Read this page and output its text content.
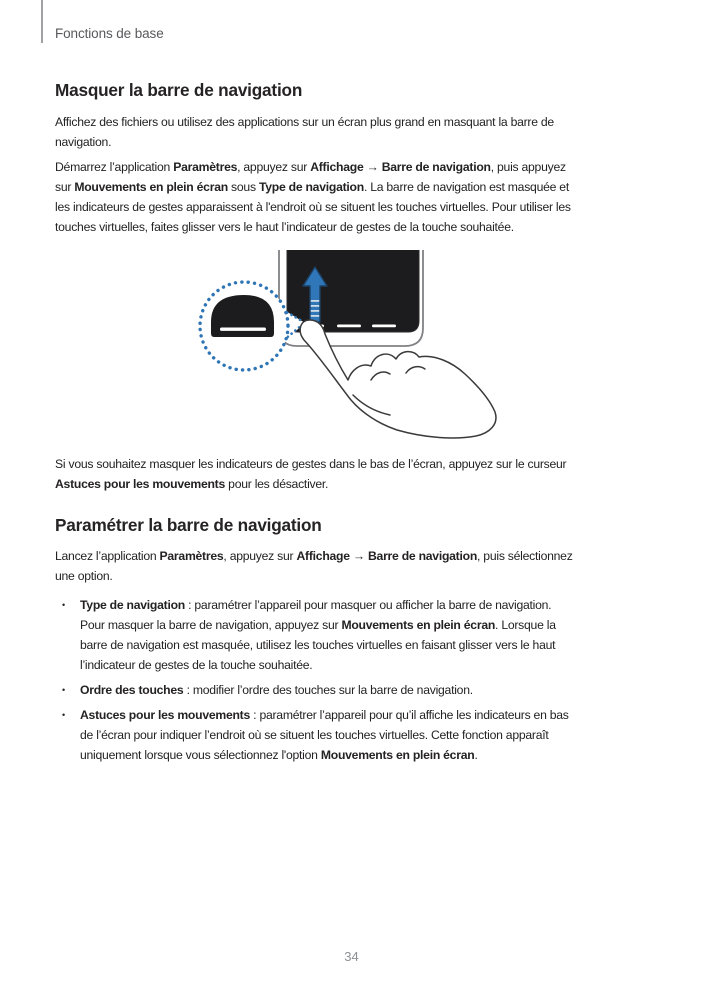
Fonctions de base
Masquer la barre de navigation
Affichez des fichiers ou utilisez des applications sur un écran plus grand en masquant la barre de
navigation.
Démarrez l’application Paramètres, appuyez sur Affichage → Barre de navigation, puis appuyez
sur Mouvements en plein écran sous Type de navigation. La barre de navigation est masquée et
les indicateurs de gestes apparaissent à l'endroit où se situent les touches virtuelles. Pour utiliser les
touches virtuelles, faites glisser vers le haut l’indicateur de gestes de la touche souhaitée.
Si vous souhaitez masquer les indicateurs de gestes dans le bas de l’écran, appuyez sur le curseur
Astuces pour les mouvements pour les désactiver.
Paramétrer la barre de navigation
Lancez l’application Paramètres, appuyez sur Affichage → Barre de navigation, puis sélectionnez
une option.
• Type de navigation : paramétrer l’appareil pour masquer ou afficher la barre de navigation.
Pour masquer la barre de navigation, appuyez sur Mouvements en plein écran. Lorsque la
barre de navigation est masquée, utilisez les touches virtuelles en faisant glisser vers le haut
l’indicateur de gestes de la touche souhaitée.
• Ordre des touches : modifier l’ordre des touches sur la barre de navigation.
• Astuces pour les mouvements : paramétrer l’appareil pour qu’il affiche les indicateurs en bas
de l’écran pour indiquer l’endroit où se situent les touches virtuelles. Cette fonction apparaît
uniquement lorsque vous sélectionnez l'option Mouvements en plein écran.
34
